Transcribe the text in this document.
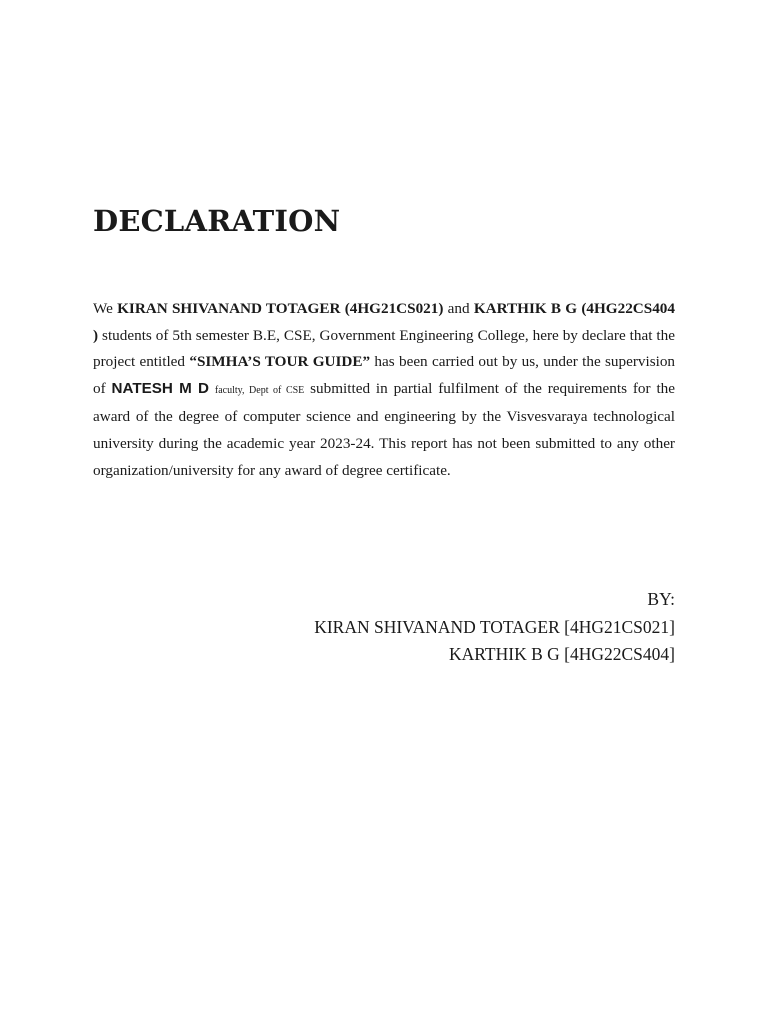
DECLARATION

We KIRAN SHIVANAND TOTAGER (4HG21CS021) and KARTHIK B G (4HG22CS404 ) students of 5th semester B.E, CSE, Government Engineering College, here by declare that the project entitled “SIMHA’S TOUR GUIDE” has been carried out by us, under the supervision of NATESH M D faculty, Dept of CSE submitted in partial fulfilment of the requirements for the award of the degree of computer science and engineering by the Visvesvaraya technological university during the academic year 2023-24. This report has not been submitted to any other organization/university for any award of degree certificate.

BY:
KIRAN SHIVANAND TOTAGER [4HG21CS021]
KARTHIK B G [4HG22CS404]
